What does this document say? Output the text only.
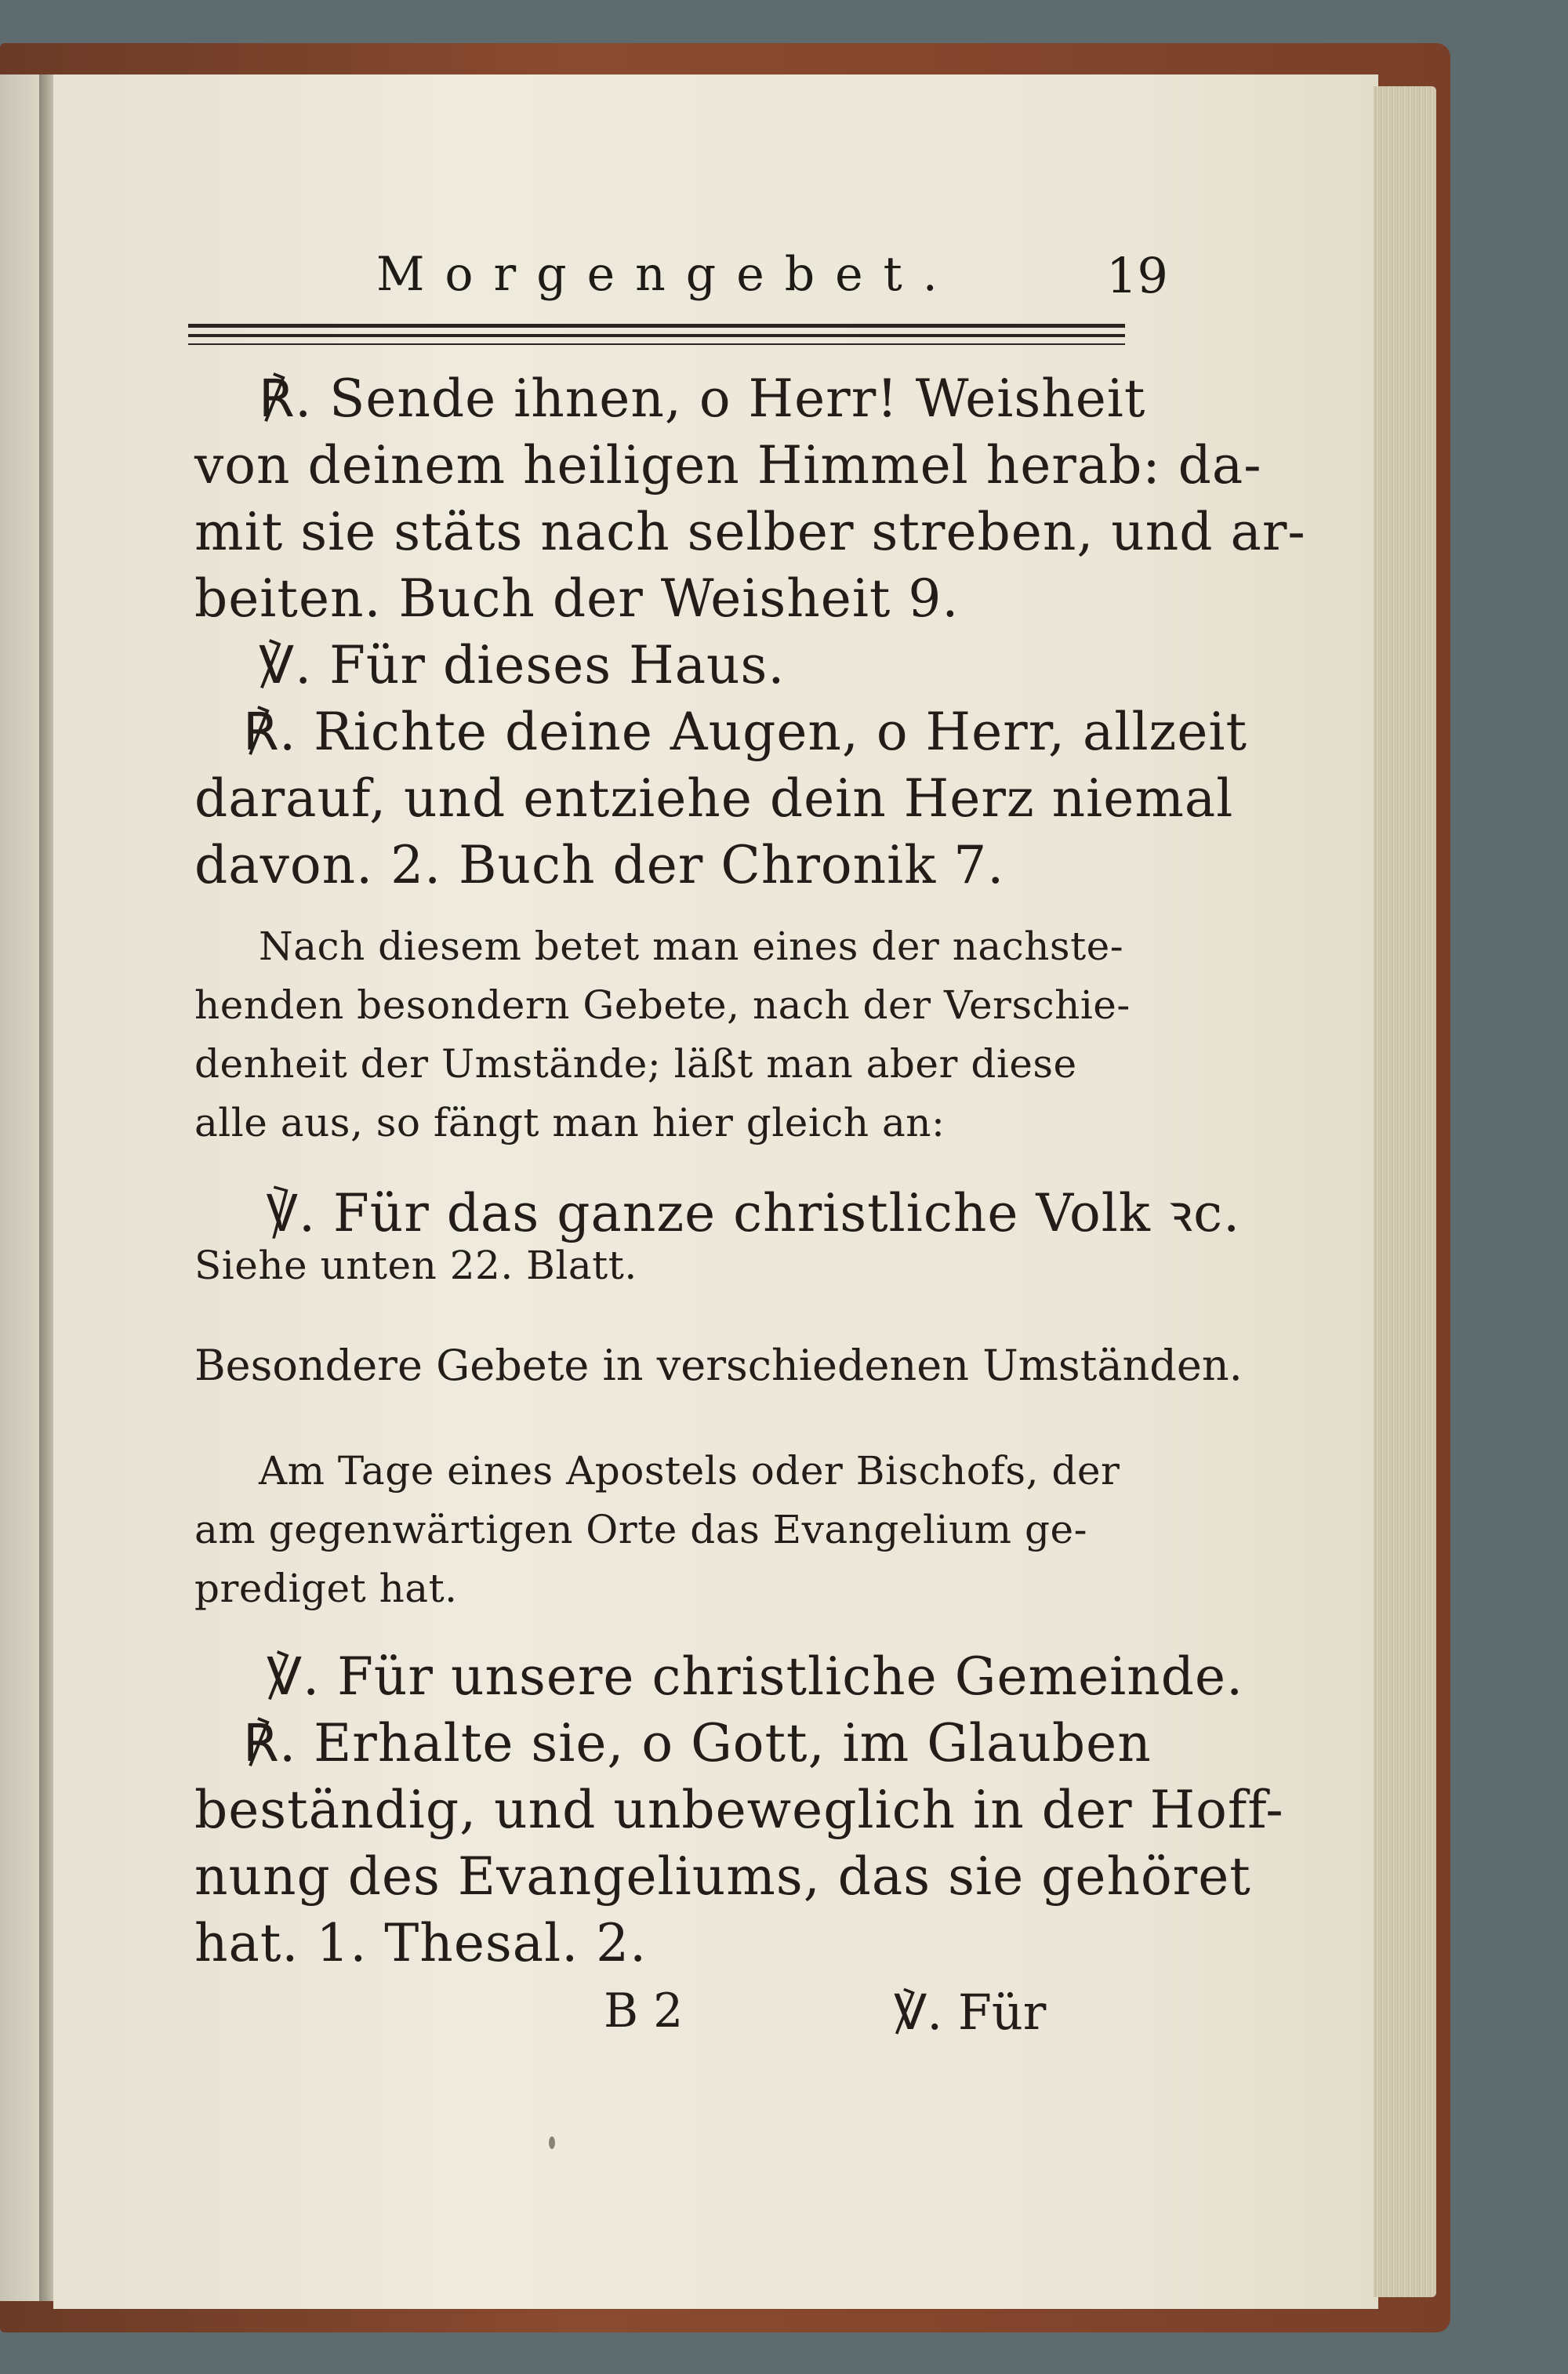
Morgengebet.	19
℟. Sende ihnen, o Herr! Weisheit
von deinem heiligen Himmel herab: da-
mit sie stäts nach selber streben, und ar-
beiten. Buch der Weisheit 9.
℣. Für dieses Haus.
℟. Richte deine Augen, o Herr, allzeit
darauf, und entziehe dein Herz niemal
davon. 2. Buch der Chronik 7.
Nach diesem betet man eines der nachste-
henden besondern Gebete, nach der Verschie-
denheit der Umstände; läßt man aber diese
alle aus, so fängt man hier gleich an:
℣. Für das ganze christliche Volk ꝛc.
Siehe unten 22. Blatt.
Besondere Gebete in verschiedenen Umständen.
Am Tage eines Apostels oder Bischofs, der
am gegenwärtigen Orte das Evangelium ge-
prediget hat.
℣. Für unsere christliche Gemeinde.
℟. Erhalte sie, o Gott, im Glauben
beständig, und unbeweglich in der Hoff-
nung des Evangeliums, das sie gehöret
hat. 1. Thesal. 2.
B 2	℣. Für
